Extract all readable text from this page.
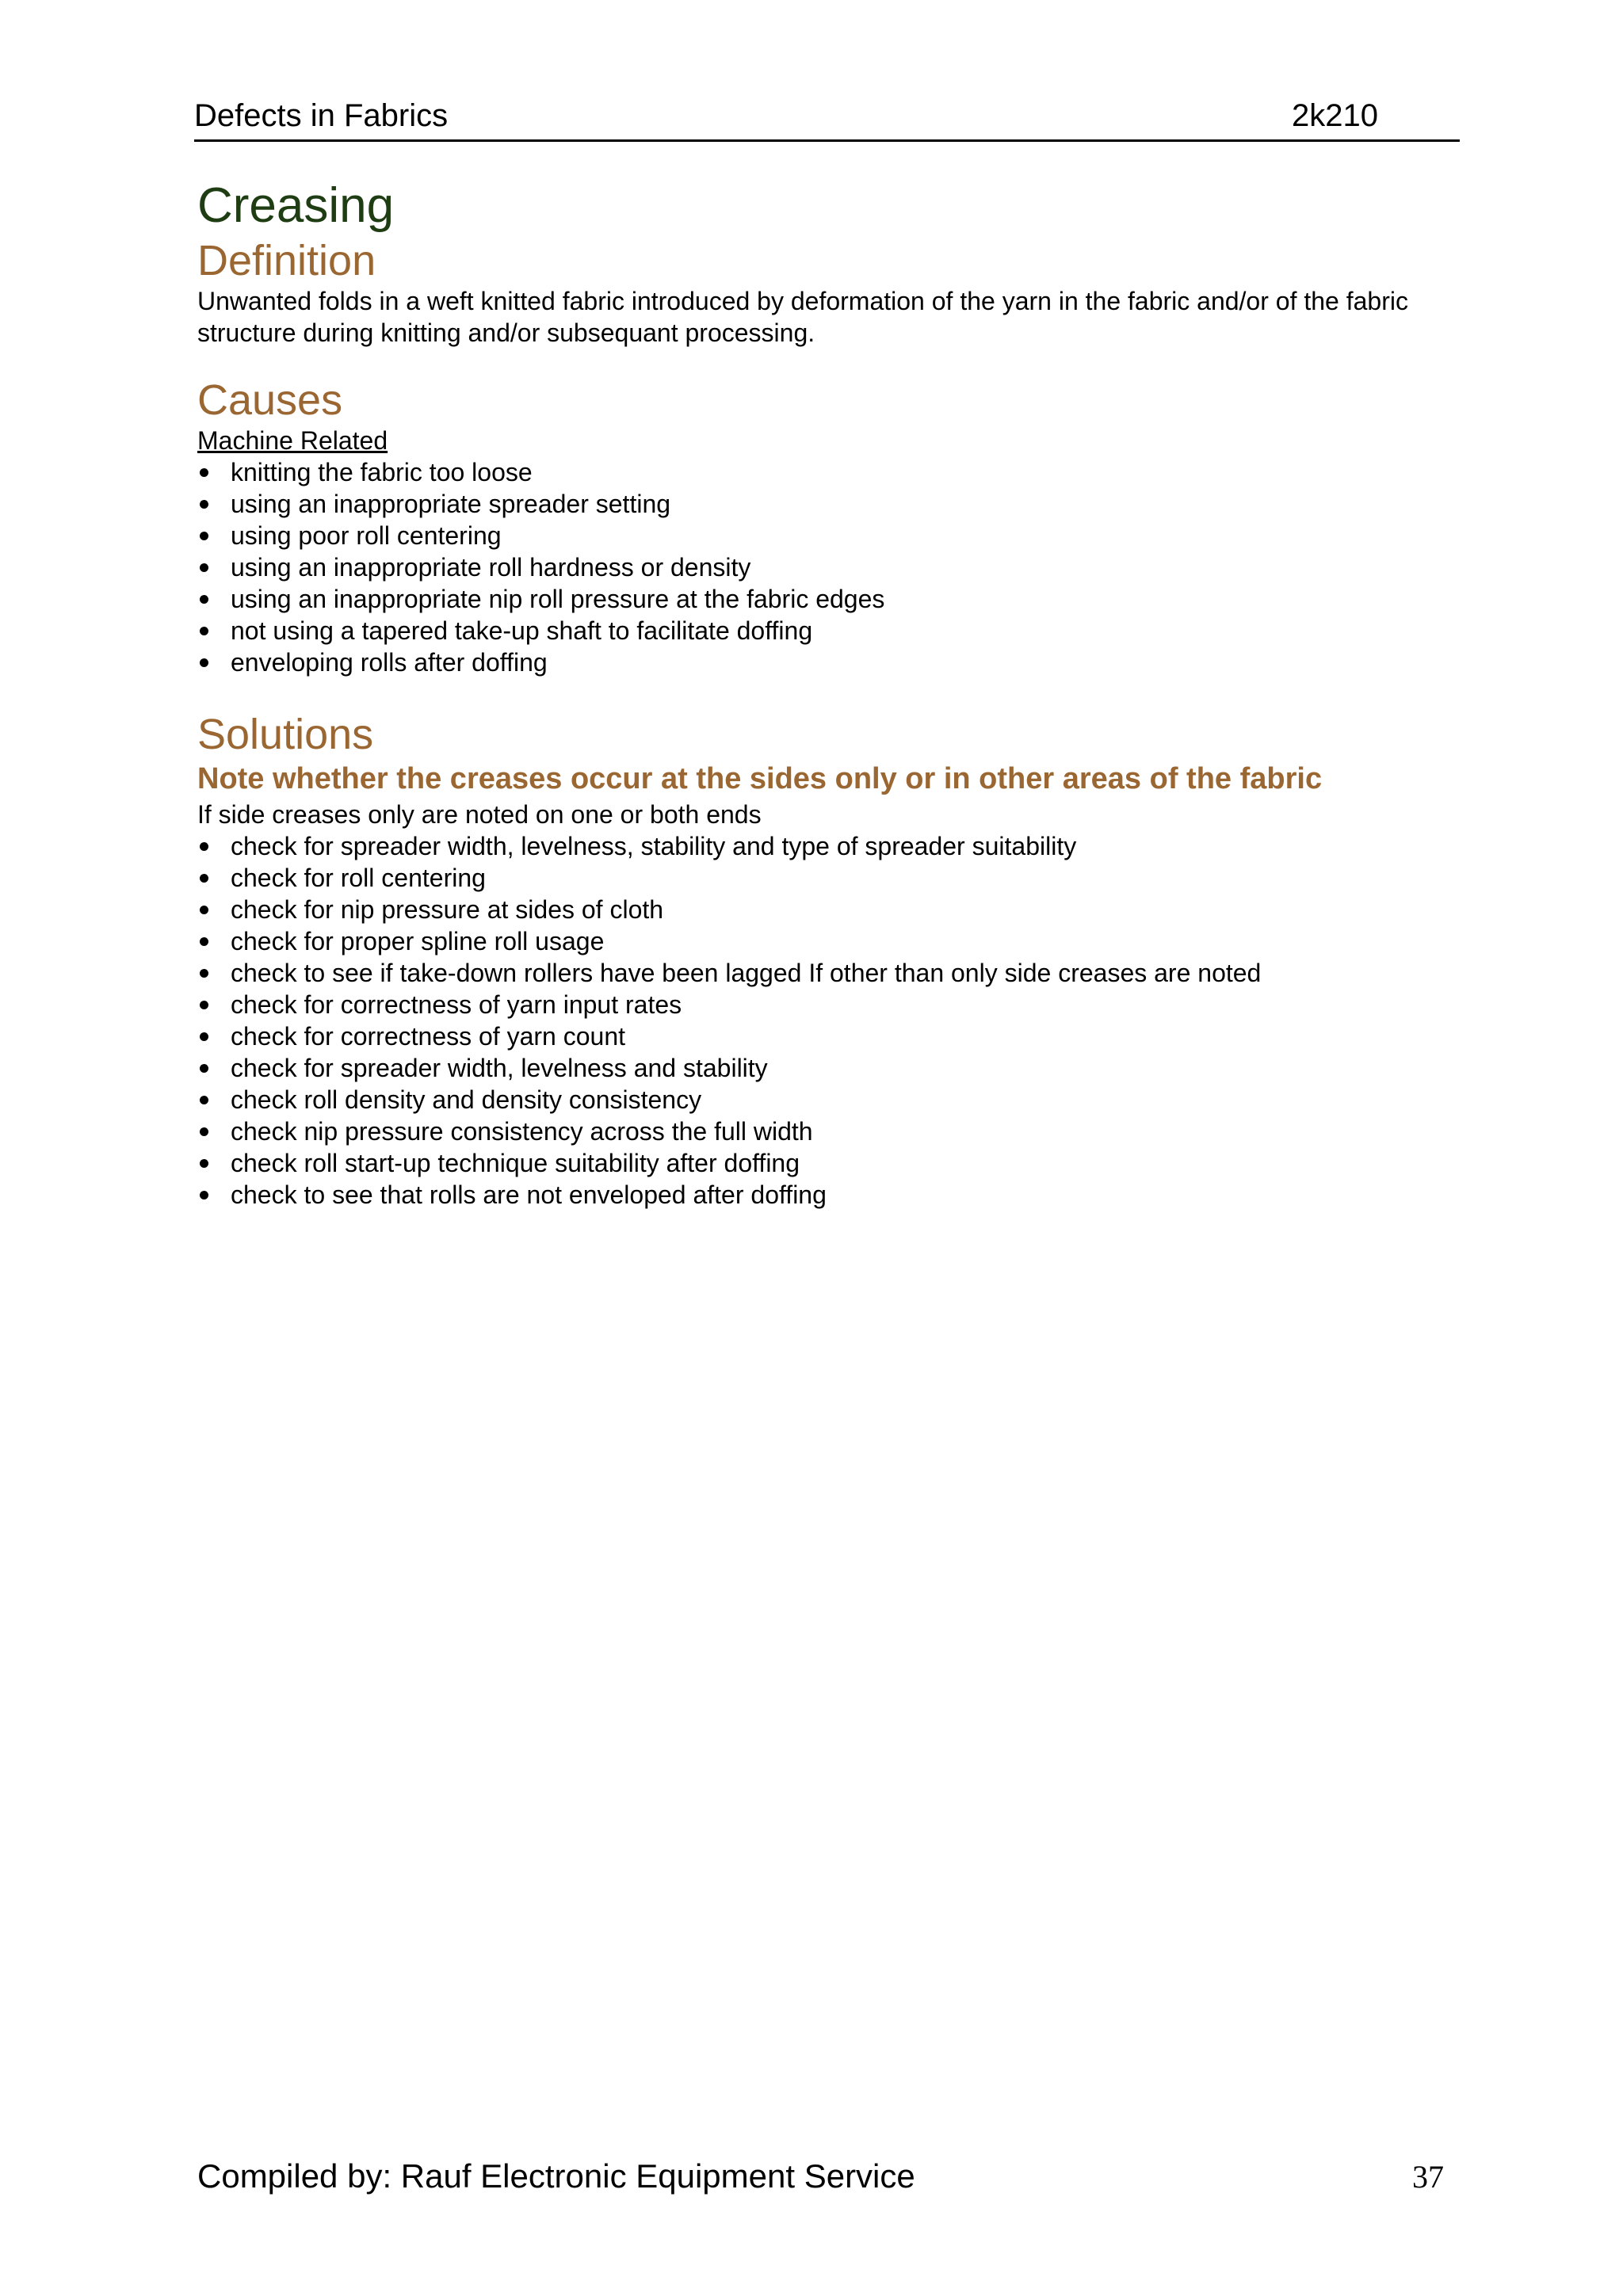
Defects in Fabrics	2k210
Creasing
Definition

Unwanted folds in a weft knitted fabric introduced by deformation of the yarn in the fabric and/or of the fabric structure during knitting and/or subsequant processing.

Causes

Machine Related

knitting the fabric too loose
using an inappropriate spreader setting
using poor roll centering
using an inappropriate roll hardness or density
using an inappropriate nip roll pressure at the fabric edges
not using a tapered take-up shaft to facilitate doffing
enveloping rolls after doffing
Solutions

Note whether the creases occur at the sides only or in other areas of the fabric

If side creases only are noted on one or both ends

check for spreader width, levelness, stability and type of spreader suitability
check for roll centering
check for nip pressure at sides of cloth
check for proper spline roll usage
check to see if take-down rollers have been lagged If other than only side creases are noted
check for correctness of yarn input rates
check for correctness of yarn count
check for spreader width, levelness and stability
check roll density and density consistency
check nip pressure consistency across the full width
check roll start-up technique suitability after doffing
check to see that rolls are not enveloped after doffing
Compiled by: Rauf Electronic Equipment Service	37
